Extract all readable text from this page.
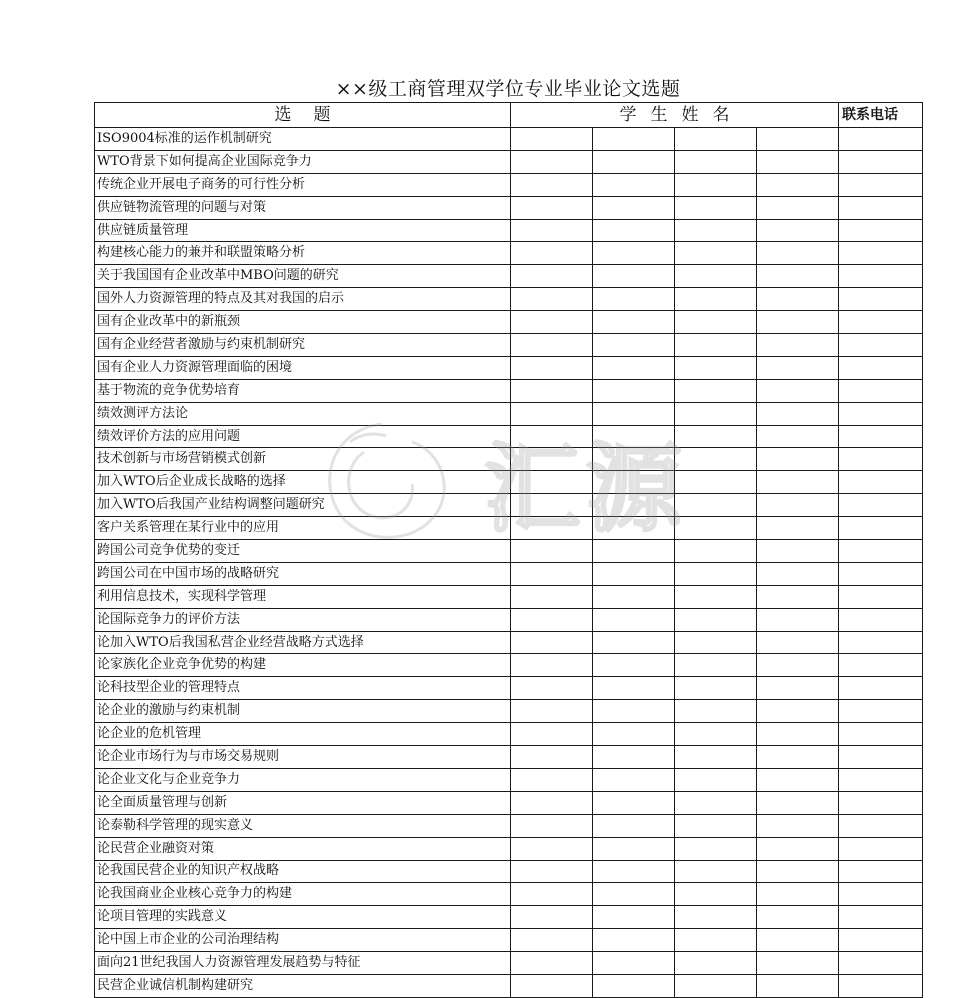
××级工商管理双学位专业毕业论文选题
选题	学生姓名				联系电话
ISO9004标准的运作机制研究					
WTO背景下如何提高企业国际竞争力					
传统企业开展电子商务的可行性分析					
供应链物流管理的问题与对策					
供应链质量管理					
构建核心能力的兼并和联盟策略分析					
关于我国国有企业改革中MBO问题的研究					
国外人力资源管理的特点及其对我国的启示					
国有企业改革中的新瓶颈					
国有企业经营者激励与约束机制研究					
国有企业人力资源管理面临的困境					
基于物流的竞争优势培育					
绩效测评方法论					
绩效评价方法的应用问题					
技术创新与市场营销模式创新					
加入WTO后企业成长战略的选择					
加入WTO后我国产业结构调整问题研究					
客户关系管理在某行业中的应用					
跨国公司竞争优势的变迁					
跨国公司在中国市场的战略研究					
利用信息技术，实现科学管理					
论国际竞争力的评价方法					
论加入WTO后我国私营企业经营战略方式选择					
论家族化企业竞争优势的构建					
论科技型企业的管理特点					
论企业的激励与约束机制					
论企业的危机管理					
论企业市场行为与市场交易规则					
论企业文化与企业竞争力					
论全面质量管理与创新					
论泰勒科学管理的现实意义					
论民营企业融资对策					
论我国民营企业的知识产权战略					
论我国商业企业核心竞争力的构建					
论项目管理的实践意义					
论中国上市企业的公司治理结构					
面向21世纪我国人力资源管理发展趋势与特征					
民营企业诚信机制构建研究					
汇源
